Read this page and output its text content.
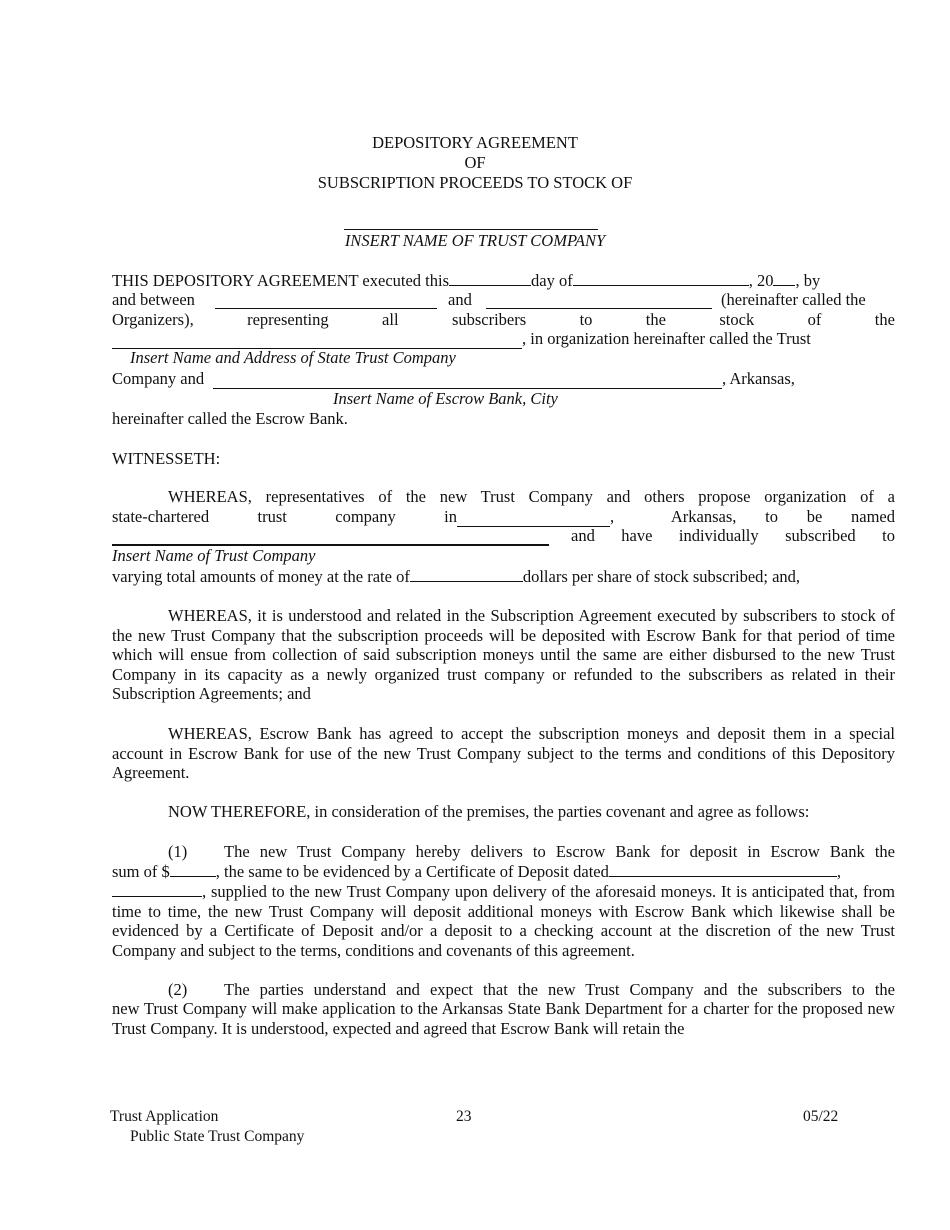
DEPOSITORY AGREEMENT
OF
SUBSCRIPTION PROCEEDS TO STOCK OF
INSERT NAME OF TRUST COMPANY
THIS DEPOSITORY AGREEMENT executed this	day of	, 20 , by
and between	and	(hereinafter called the
Organizers),	representing	all	subscribers	to	the	stock	of	the
, in organization hereinafter called the Trust
Insert Name and Address of State Trust Company
Company and	, Arkansas,
Insert Name of Escrow Bank, City
hereinafter called the Escrow Bank.
WITNESSETH:
WHEREAS, representatives of the new Trust Company and others propose organization of a
state-chartered	trust	company	in	,	Arkansas, to be named
and have individually subscribed to
Insert Name of Trust Company
varying total amounts of money at the rate of	dollars per share of stock subscribed; and,
WHEREAS, it is understood and related in the Subscription Agreement executed by subscribers to stock of the new Trust Company that the subscription proceeds will be deposited with Escrow Bank for that period of time which will ensue from collection of said subscription moneys until the same are either disbursed to the new Trust Company in its capacity as a newly organized trust company or refunded to the subscribers as related in their Subscription Agreements; and
WHEREAS, Escrow Bank has agreed to accept the subscription moneys and deposit them in a special account in Escrow Bank for use of the new Trust Company subject to the terms and conditions of this Depository Agreement.
NOW THEREFORE, in consideration of the premises, the parties covenant and agree as follows:
(1) The new Trust Company hereby delivers to Escrow Bank for deposit in Escrow Bank the
sum of $	, the same to be evidenced by a Certificate of Deposit dated	,
, supplied to the new Trust Company upon delivery of the aforesaid moneys. It is anticipated that, from time to time, the new Trust Company will deposit additional moneys with Escrow Bank which likewise shall be evidenced by a Certificate of Deposit and/or a deposit to a checking account at the discretion of the new Trust Company and subject to the terms, conditions and covenants of this agreement.
(2) The parties understand and expect that the new Trust Company and the subscribers to the
new Trust Company will make application to the Arkansas State Bank Department for a charter for the proposed new Trust Company. It is understood, expected and agreed that Escrow Bank will retain the
Trust Application
Public State Trust Company
23	05/22
